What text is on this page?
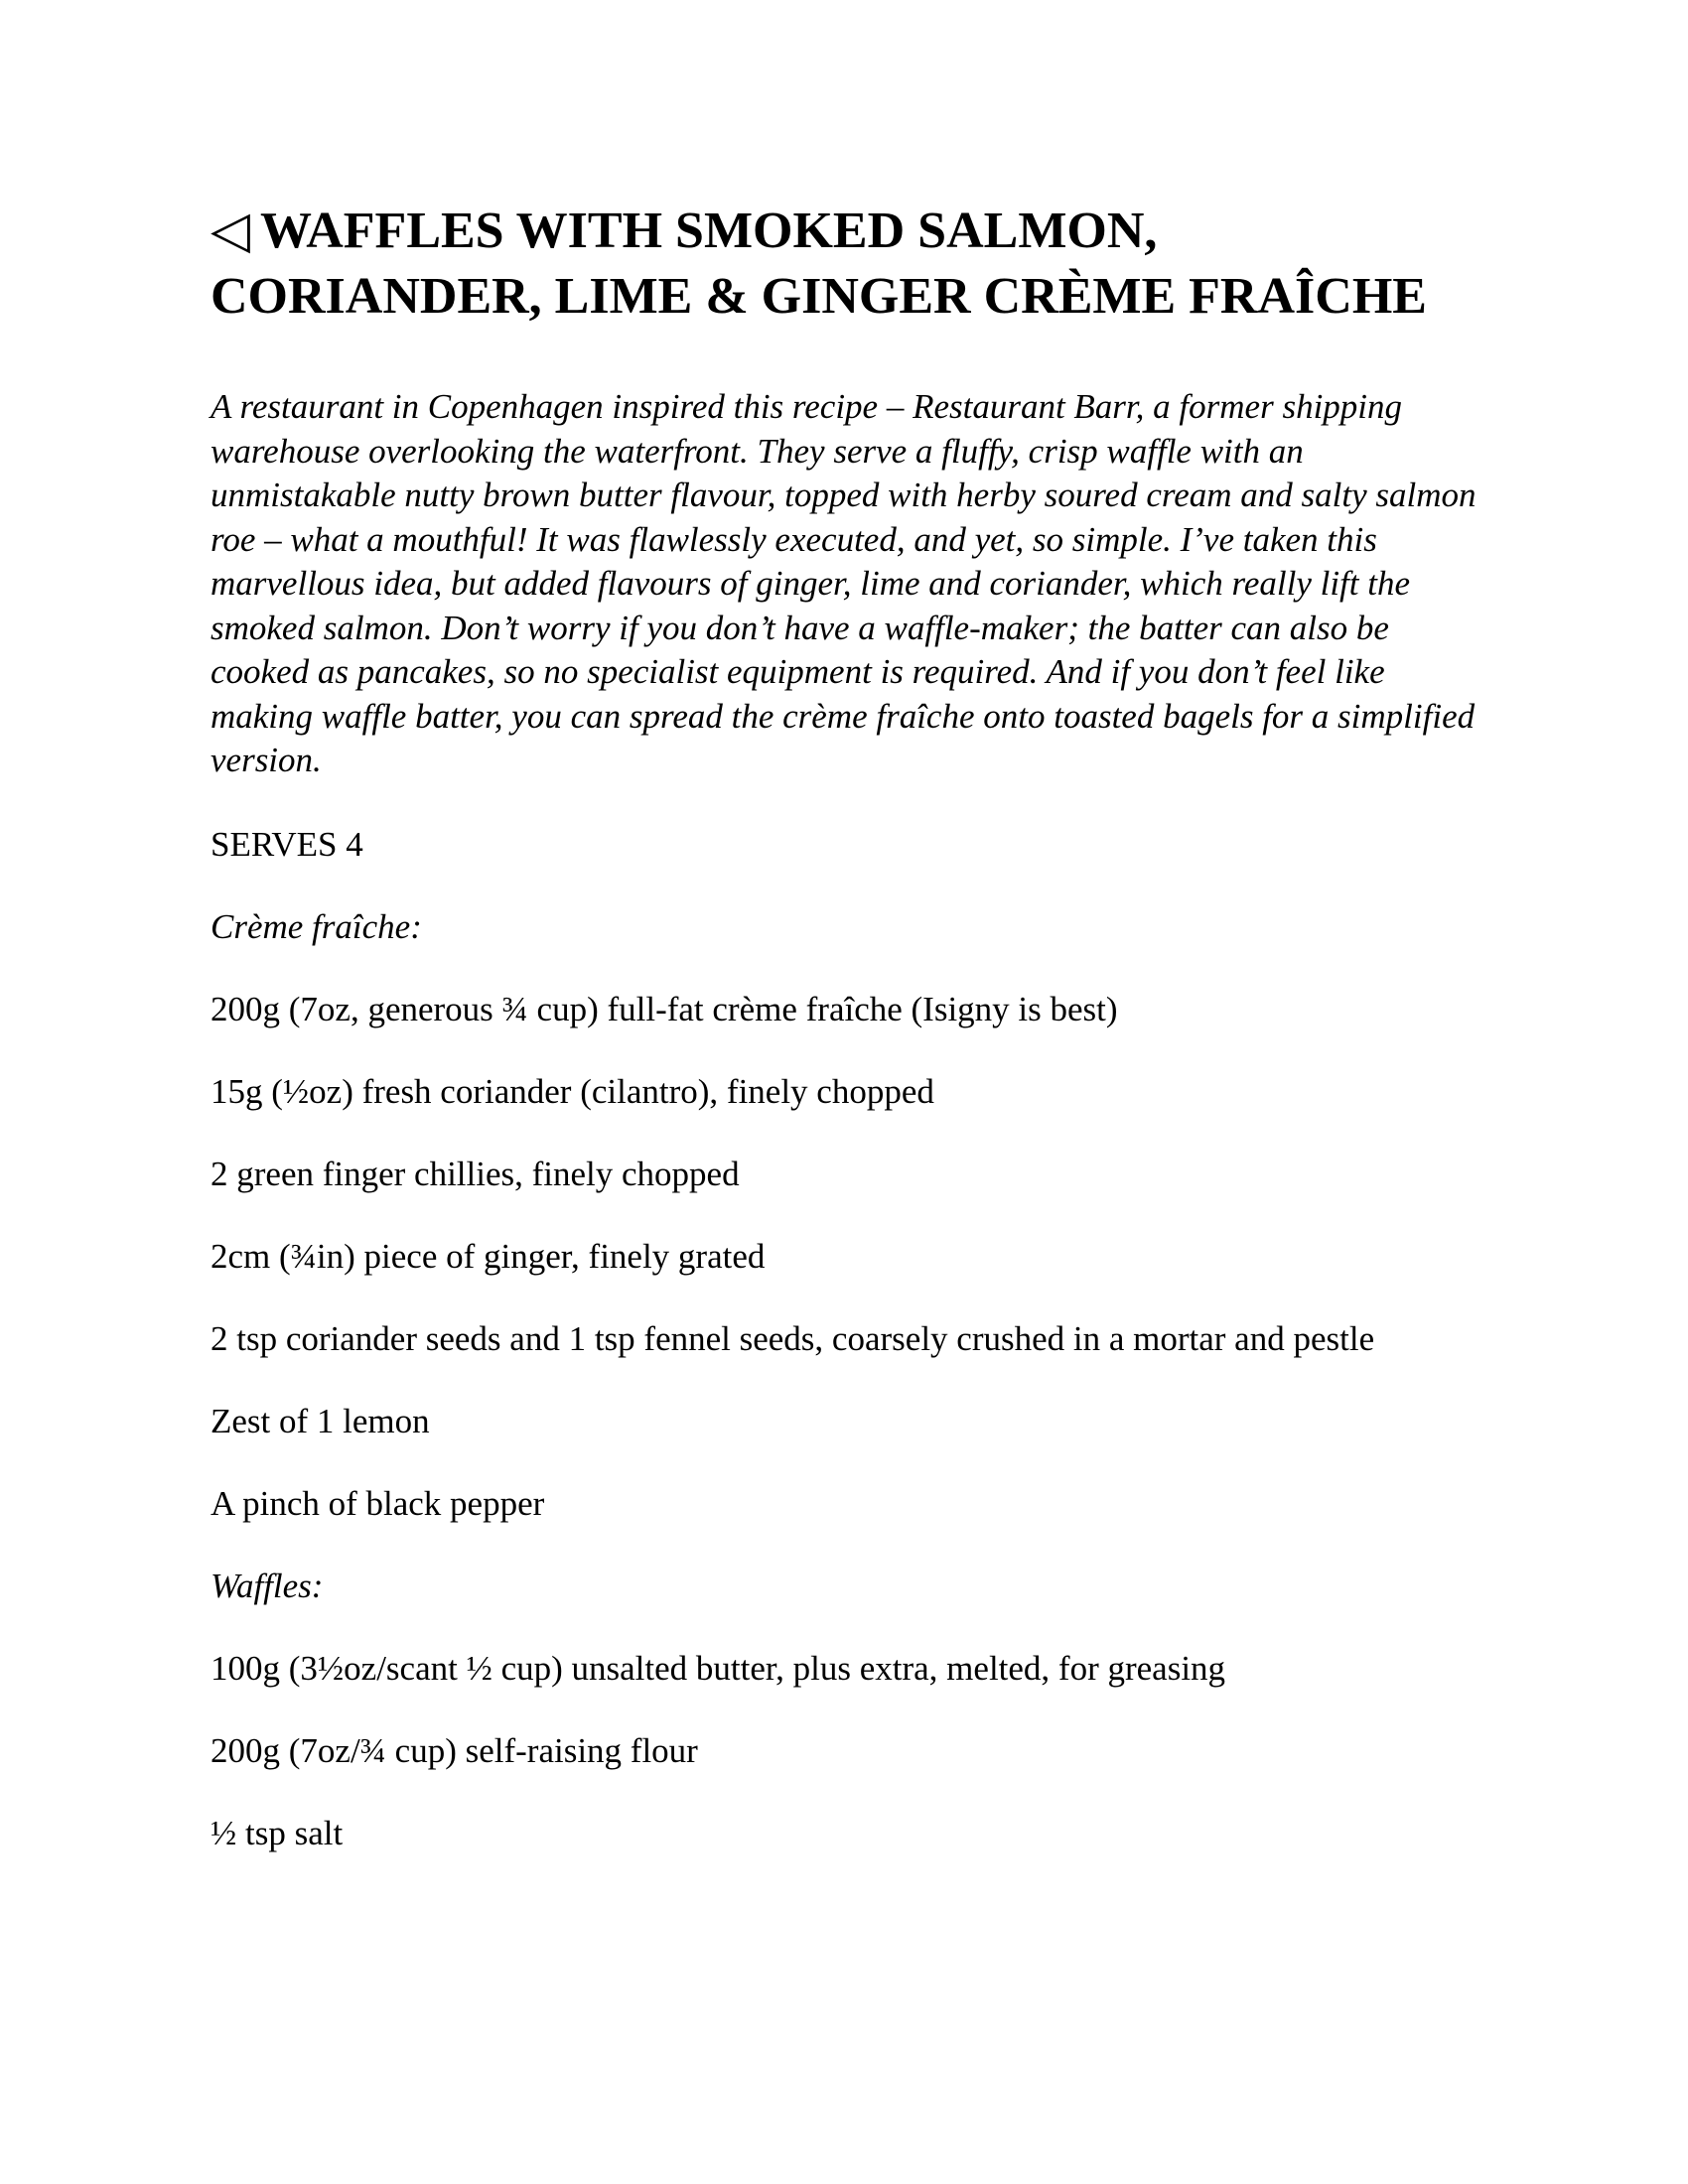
◁ WAFFLES WITH SMOKED SALMON, CORIANDER, LIME & GINGER CRÈME FRAÎCHE

A restaurant in Copenhagen inspired this recipe – Restaurant Barr, a former shipping warehouse overlooking the waterfront. They serve a fluffy, crisp waffle with an unmistakable nutty brown butter flavour, topped with herby soured cream and salty salmon roe – what a mouthful! It was flawlessly executed, and yet, so simple. I’ve taken this marvellous idea, but added flavours of ginger, lime and coriander, which really lift the smoked salmon. Don’t worry if you don’t have a waffle-maker; the batter can also be cooked as pancakes, so no specialist equipment is required. And if you don’t feel like making waffle batter, you can spread the crème fraîche onto toasted bagels for a simplified version.

SERVES 4

Crème fraîche:

200g (7oz, generous ¾ cup) full-fat crème fraîche (Isigny is best)

15g (½oz) fresh coriander (cilantro), finely chopped

2 green finger chillies, finely chopped

2cm (¾in) piece of ginger, finely grated

2 tsp coriander seeds and 1 tsp fennel seeds, coarsely crushed in a mortar and pestle

Zest of 1 lemon

A pinch of black pepper

Waffles:

100g (3½oz/scant ½ cup) unsalted butter, plus extra, melted, for greasing

200g (7oz/¾ cup) self-raising flour

½ tsp salt
